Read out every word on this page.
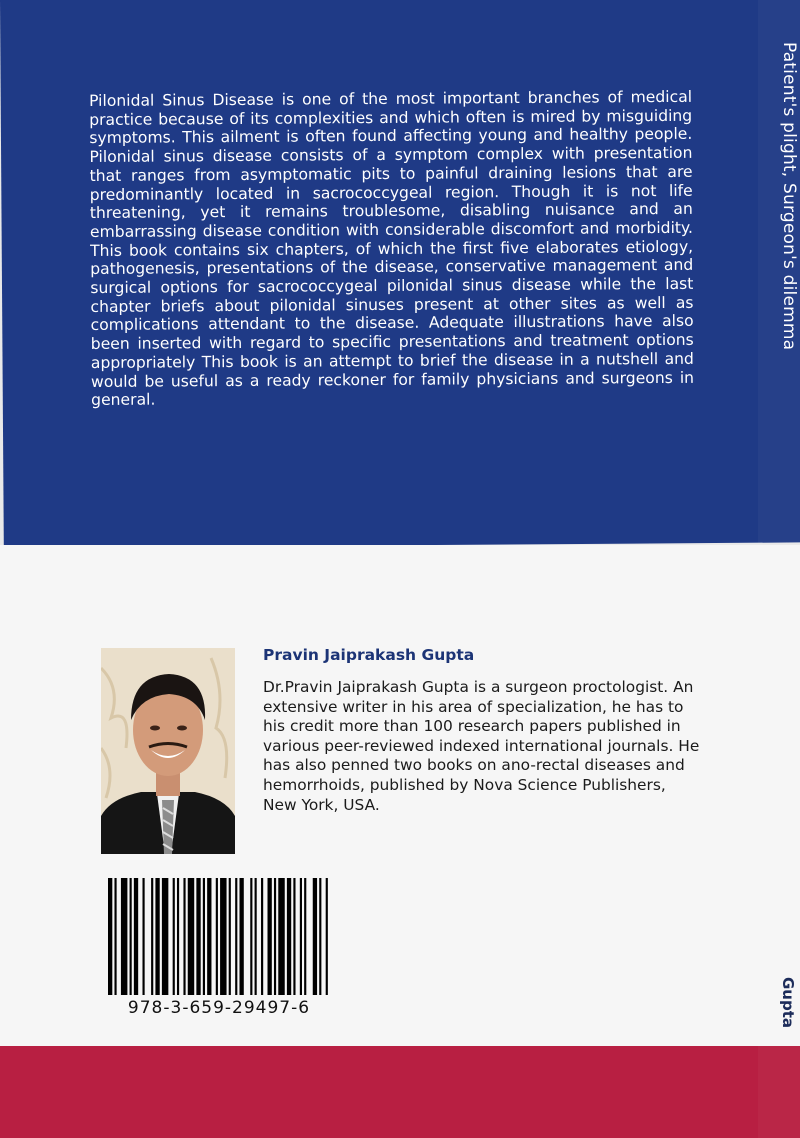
Patient's plight, Surgeon's dilemma
Gupta
Pilonidal Sinus Disease is one of the most important branches of medical practice because of its complexities and which often is mired by misguiding symptoms. This ailment is often found affecting young and healthy people. Pilonidal sinus disease consists of a symptom complex with presentation that ranges from asymptomatic pits to painful draining lesions that are predominantly located in sacrococcygeal region. Though it is not life threatening, yet it remains troublesome, disabling nuisance and an embarrassing disease condition with considerable discomfort and morbidity. This book contains six chapters, of which the first five elaborates etiology, pathogenesis, presentations of the disease, conservative management and surgical options for sacrococcygeal pilonidal sinus disease while the last chapter briefs about pilonidal sinuses present at other sites as well as complications attendant to the disease. Adequate illustrations have also been inserted with regard to specific presentations and treatment options appropriately This book is an attempt to brief the disease in a nutshell and would be useful as a ready reckoner for family physicians and surgeons in general.
Pravin Jaiprakash Gupta
Dr.Pravin Jaiprakash Gupta is a surgeon proctologist. An extensive writer in his area of specialization, he has to his credit more than 100 research papers published in various peer-reviewed indexed international journals. He has also penned two books on ano-rectal diseases and hemorrhoids, published by Nova Science Publishers, New York, USA.
978-3-659-29497-6
